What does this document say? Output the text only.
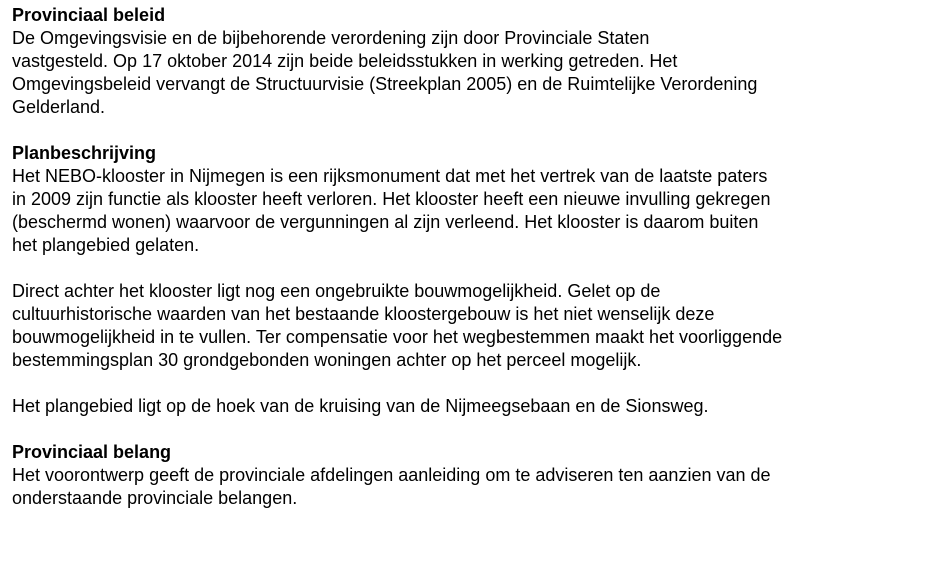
Provinciaal beleid

De Omgevingsvisie en de bijbehorende verordening zijn door Provinciale Staten
vastgesteld. Op 17 oktober 2014 zijn beide beleidsstukken in werking getreden. Het
Omgevingsbeleid vervangt de Structuurvisie (Streekplan 2005) en de Ruimtelijke Verordening
Gelderland.

Planbeschrijving

Het NEBO-klooster in Nijmegen is een rijksmonument dat met het vertrek van de laatste paters
in 2009 zijn functie als klooster heeft verloren. Het klooster heeft een nieuwe invulling gekregen
(beschermd wonen) waarvoor de vergunningen al zijn verleend. Het klooster is daarom buiten
het plangebied gelaten.

Direct achter het klooster ligt nog een ongebruikte bouwmogelijkheid. Gelet op de
cultuurhistorische waarden van het bestaande kloostergebouw is het niet wenselijk deze
bouwmogelijkheid in te vullen. Ter compensatie voor het wegbestemmen maakt het voorliggende
bestemmingsplan 30 grondgebonden woningen achter op het perceel mogelijk.

Het plangebied ligt op de hoek van de kruising van de Nijmeegsebaan en de Sionsweg.

Provinciaal belang

Het voorontwerp geeft de provinciale afdelingen aanleiding om te adviseren ten aanzien van de
onderstaande provinciale belangen.
